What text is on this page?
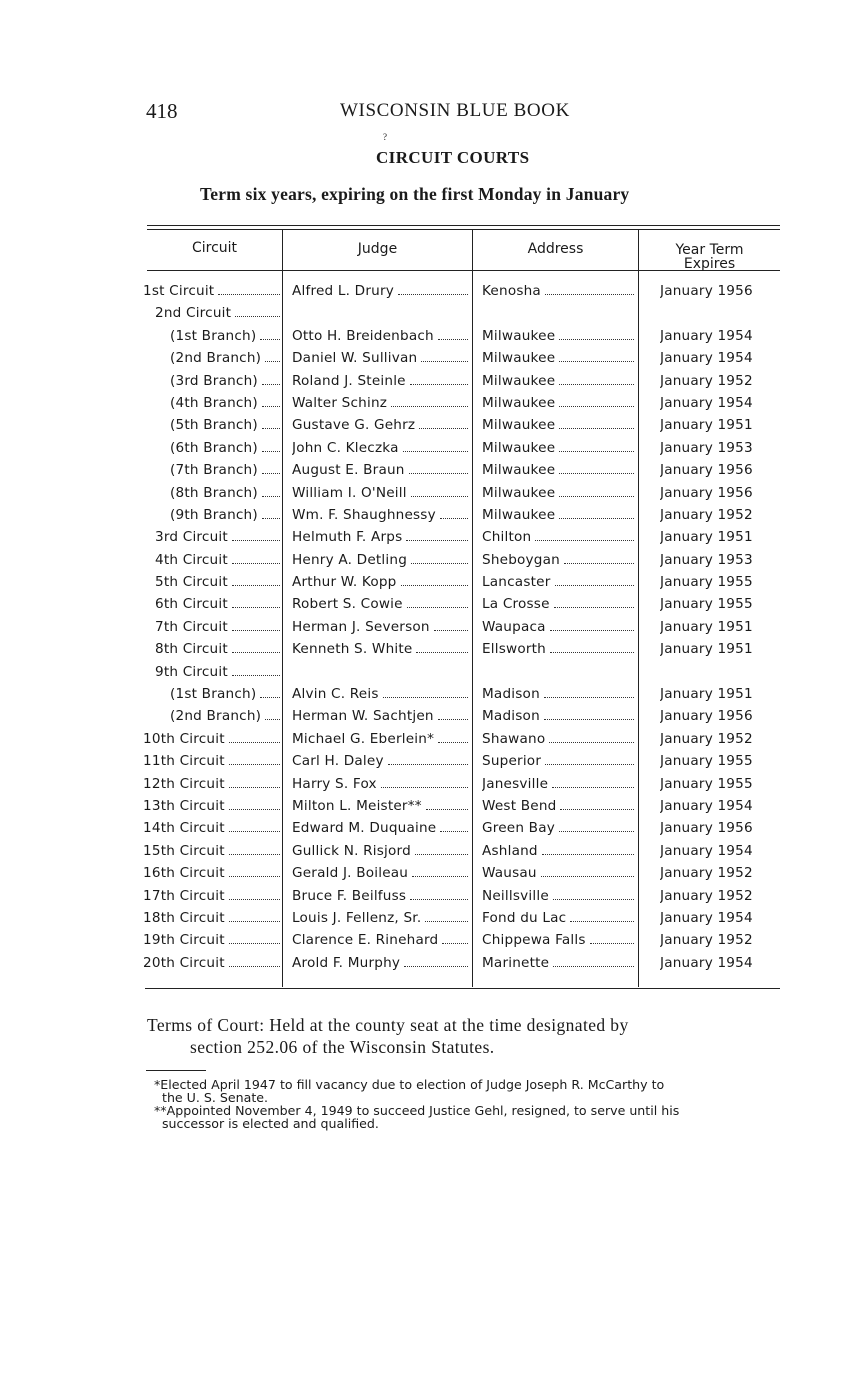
418	WISCONSIN BLUE BOOK
?
CIRCUIT COURTS
Term six years, expiring on the first Monday in January
Circuit	Judge	Address	Year Term
Expires
1st Circuit	Alfred L. Drury	Kenosha	January 1956
2nd Circuit
(1st Branch)	Otto H. Breidenbach	Milwaukee	January 1954
(2nd Branch) Daniel W. Sullivan	Milwaukee	January 1954
(3rd Branch)	Roland J. Steinle	Milwaukee	January 1952
(4th Branch)	Walter Schinz	Milwaukee	January 1954
(5th Branch)	Gustave G. Gehrz	Milwaukee	January 1951
(6th Branch)	John C. Kleczka	Milwaukee	January 1953
(7th Branch)	August E. Braun	Milwaukee	January 1956
(8th Branch)	William I. O'Neill	Milwaukee	January 1956
(9th Branch)	Wm. F. Shaughnessy	Milwaukee	January 1952
3rd Circuit	Helmuth F. Arps	Chilton	January 1951
4th Circuit	Henry A. Detling	Sheboygan	January 1953
5th Circuit	Arthur W. Kopp	Lancaster	January 1955
6th Circuit	Robert S. Cowie	La Crosse	January 1955
7th Circuit	Herman J. Severson	Waupaca	January 1951
8th Circuit	Kenneth S. White	Ellsworth	January 1951
9th Circuit
(1st Branch)	Alvin C. Reis	Madison	January 1951
(2nd Branch) Herman W. Sachtjen	Madison	January 1956
10th Circuit	Michael G. Eberlein*	Shawano	January 1952
11th Circuit	Carl H. Daley	Superior	January 1955
12th Circuit	Harry S. Fox	Janesville	January 1955
13th Circuit	Milton L. Meister**	West Bend	January 1954
14th Circuit	Edward M. Duquaine	Green Bay	January 1956
15th Circuit	Gullick N. Risjord	Ashland	January 1954
16th Circuit	Gerald J. Boileau	Wausau	January 1952
17th Circuit	Bruce F. Beilfuss	Neillsville	January 1952
18th Circuit	Louis J. Fellenz, Sr.	Fond du Lac	January 1954
19th Circuit	Clarence E. Rinehard	Chippewa Falls	January 1952
20th Circuit	Arold F. Murphy	Marinette	January 1954
Terms of Court: Held at the county seat at the time designated by
section 252.06 of the Wisconsin Statutes.
*Elected April 1947 to fill vacancy due to election of Judge Joseph R. McCarthy to
the U. S. Senate.
**Appointed November 4, 1949 to succeed Justice Gehl, resigned, to serve until his
successor is elected and qualified.
